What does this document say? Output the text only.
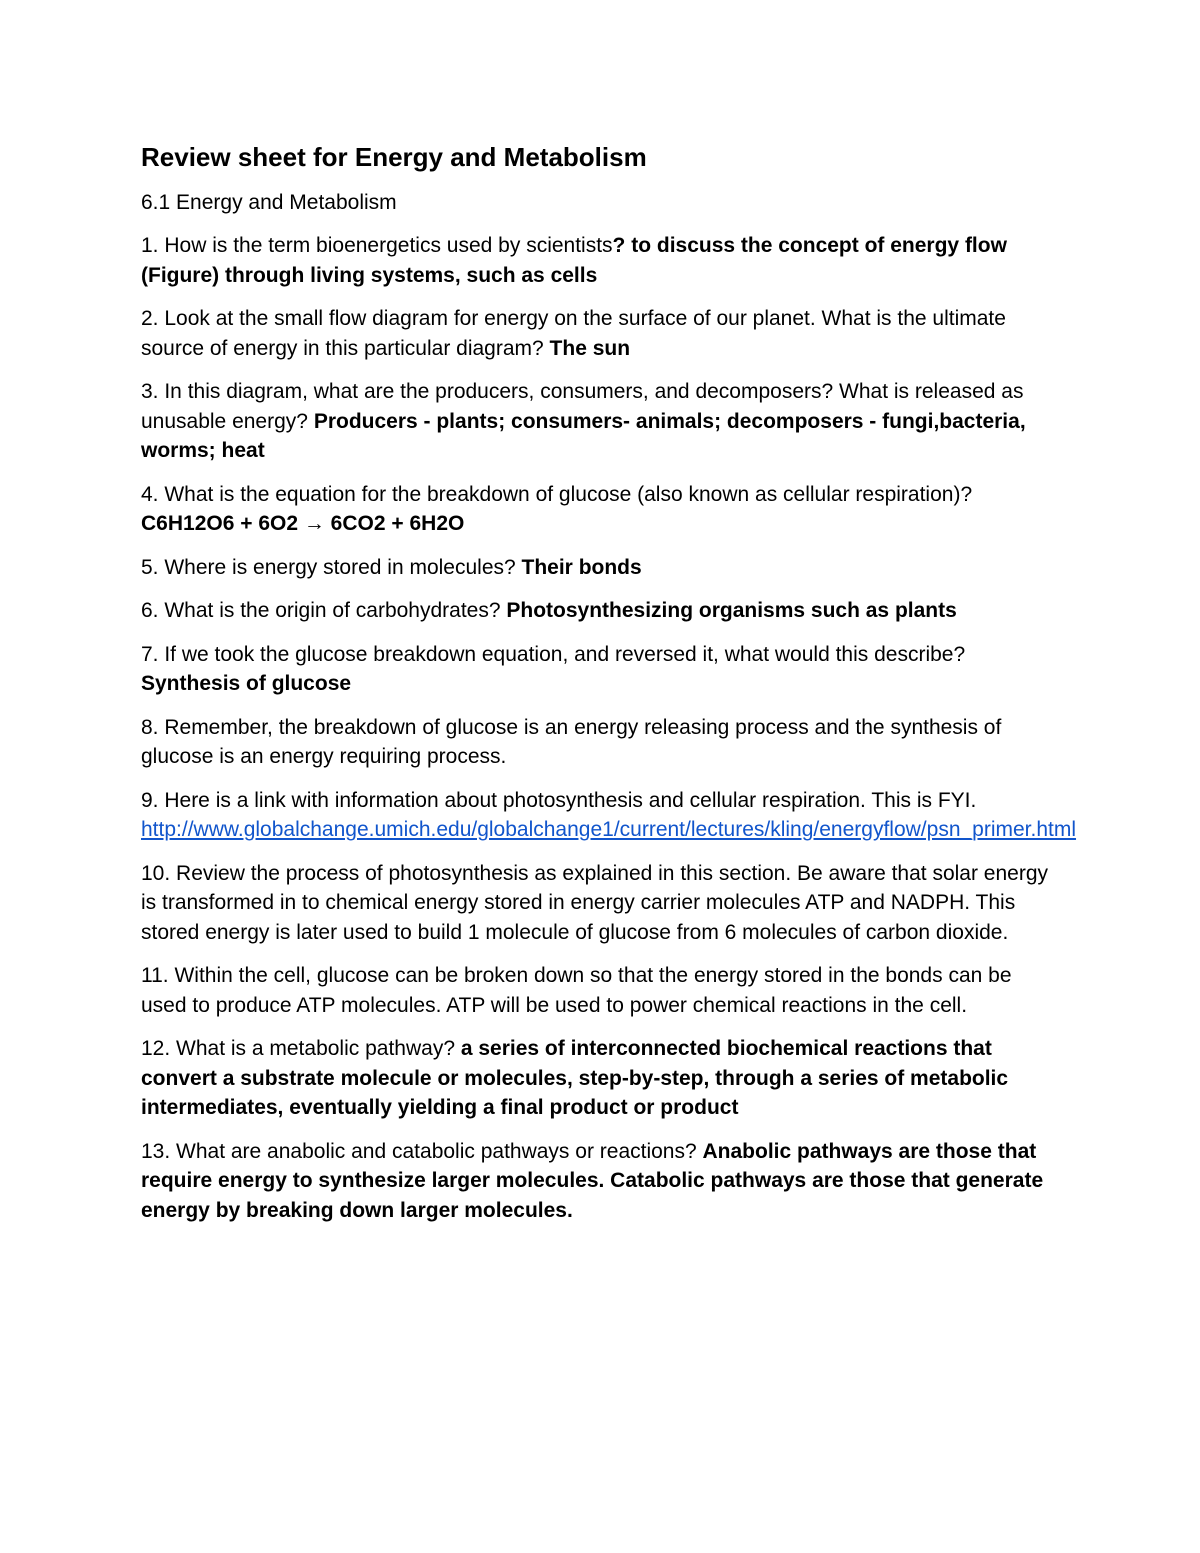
Review sheet for Energy and Metabolism
6.1 Energy and Metabolism
1. How is the term bioenergetics used by scientists? to discuss the concept of energy flow (Figure) through living systems, such as cells
2. Look at the small flow diagram for energy on the surface of our planet. What is the ultimate source of energy in this particular diagram? The sun
3. In this diagram, what are the producers, consumers, and decomposers? What is released as unusable energy? Producers - plants; consumers- animals; decomposers - fungi,bacteria, worms; heat
4. What is the equation for the breakdown of glucose (also known as cellular respiration)? C6H12O6 + 6O2 → 6CO2 + 6H2O
5. Where is energy stored in molecules? Their bonds
6. What is the origin of carbohydrates? Photosynthesizing organisms such as plants
7. If we took the glucose breakdown equation, and reversed it, what would this describe? Synthesis of glucose
8. Remember, the breakdown of glucose is an energy releasing process and the synthesis of glucose is an energy requiring process.
9. Here is a link with information about photosynthesis and cellular respiration. This is FYI.
http://www.globalchange.umich.edu/globalchange1/current/lectures/kling/energyflow/psn_primer.html
10. Review the process of photosynthesis as explained in this section. Be aware that solar energy is transformed in to chemical energy stored in energy carrier molecules ATP and NADPH. This stored energy is later used to build 1 molecule of glucose from 6 molecules of carbon dioxide.
11. Within the cell, glucose can be broken down so that the energy stored in the bonds can be used to produce ATP molecules. ATP will be used to power chemical reactions in the cell.
12. What is a metabolic pathway? a series of interconnected biochemical reactions that convert a substrate molecule or molecules, step-by-step, through a series of metabolic intermediates, eventually yielding a final product or product
13. What are anabolic and catabolic pathways or reactions? Anabolic pathways are those that require energy to synthesize larger molecules. Catabolic pathways are those that generate energy by breaking down larger molecules.
